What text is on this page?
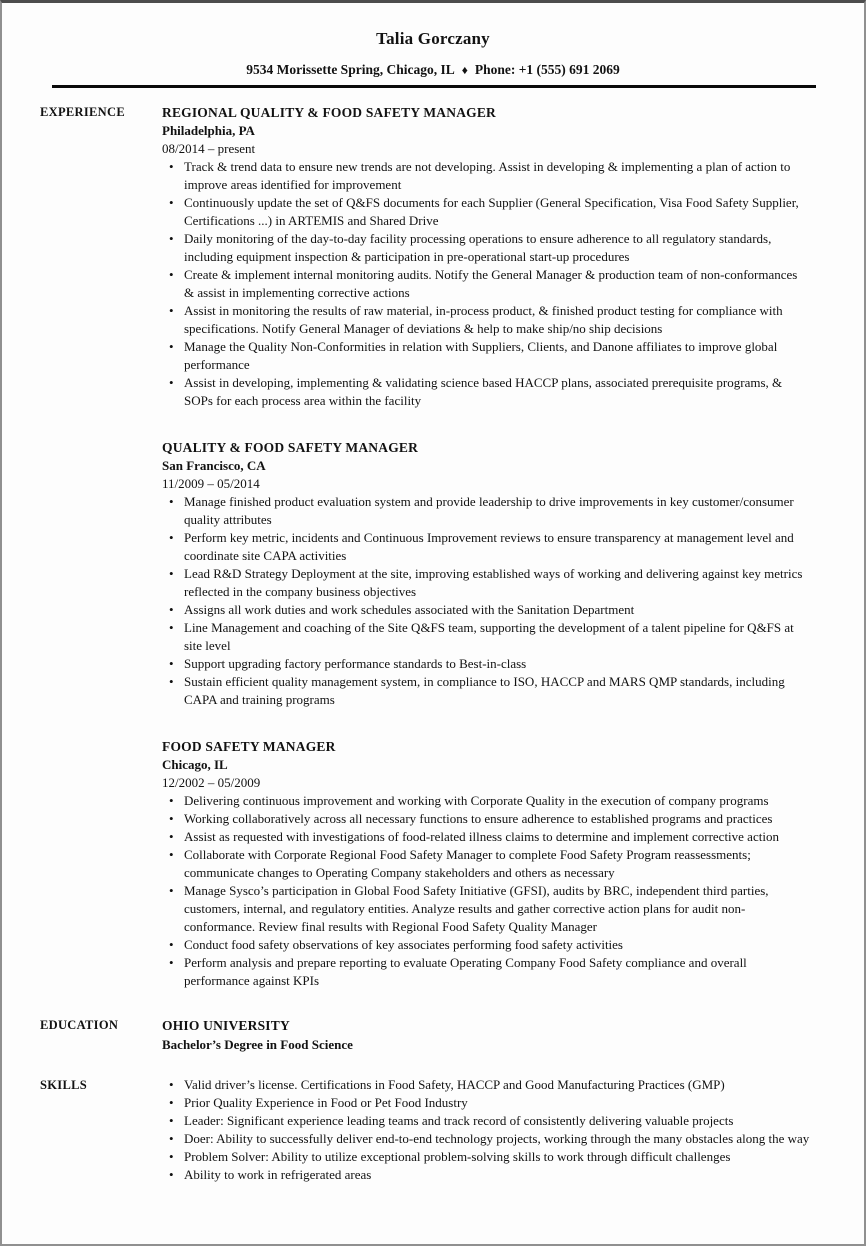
Talia Gorczany
9534 Morissette Spring, Chicago, IL ♦ Phone: +1 (555) 691 2069
EXPERIENCE	REGIONAL QUALITY & FOOD SAFETY MANAGER
Philadelphia, PA
08/2014 – present
• Track & trend data to ensure new trends are not developing. Assist in developing & implementing a plan of action to improve areas identified for improvement
• Continuously update the set of Q&FS documents for each Supplier (General Specification, Visa Food Safety Supplier, Certifications ...) in ARTEMIS and Shared Drive
• Daily monitoring of the day-to-day facility processing operations to ensure adherence to all regulatory standards, including equipment inspection & participation in pre-operational start-up procedures
• Create & implement internal monitoring audits. Notify the General Manager & production team of non-conformances & assist in implementing corrective actions
• Assist in monitoring the results of raw material, in-process product, & finished product testing for compliance with specifications. Notify General Manager of deviations & help to make ship/no ship decisions
• Manage the Quality Non-Conformities in relation with Suppliers, Clients, and Danone affiliates to improve global performance
• Assist in developing, implementing & validating science based HACCP plans, associated prerequisite programs, & SOPs for each process area within the facility
QUALITY & FOOD SAFETY MANAGER
San Francisco, CA
11/2009 – 05/2014
• Manage finished product evaluation system and provide leadership to drive improvements in key customer/consumer quality attributes
• Perform key metric, incidents and Continuous Improvement reviews to ensure transparency at management level and coordinate site CAPA activities
• Lead R&D Strategy Deployment at the site, improving established ways of working and delivering against key metrics reflected in the company business objectives
• Assigns all work duties and work schedules associated with the Sanitation Department
• Line Management and coaching of the Site Q&FS team, supporting the development of a talent pipeline for Q&FS at site level
• Support upgrading factory performance standards to Best-in-class
• Sustain efficient quality management system, in compliance to ISO, HACCP and MARS QMP standards, including CAPA and training programs
FOOD SAFETY MANAGER
Chicago, IL
12/2002 – 05/2009
• Delivering continuous improvement and working with Corporate Quality in the execution of company programs
• Working collaboratively across all necessary functions to ensure adherence to established programs and practices
• Assist as requested with investigations of food-related illness claims to determine and implement corrective action
• Collaborate with Corporate Regional Food Safety Manager to complete Food Safety Program reassessments; communicate changes to Operating Company stakeholders and others as necessary
• Manage Sysco’s participation in Global Food Safety Initiative (GFSI), audits by BRC, independent third parties, customers, internal, and regulatory entities. Analyze results and gather corrective action plans for audit non-conformance. Review final results with Regional Food Safety Quality Manager
• Conduct food safety observations of key associates performing food safety activities
• Perform analysis and prepare reporting to evaluate Operating Company Food Safety compliance and overall performance against KPIs
EDUCATION	OHIO UNIVERSITY
Bachelor’s Degree in Food Science
SKILLS	• Valid driver’s license. Certifications in Food Safety, HACCP and Good Manufacturing Practices (GMP)
• Prior Quality Experience in Food or Pet Food Industry
• Leader: Significant experience leading teams and track record of consistently delivering valuable projects
• Doer: Ability to successfully deliver end-to-end technology projects, working through the many obstacles along the way
• Problem Solver: Ability to utilize exceptional problem-solving skills to work through difficult challenges
• Ability to work in refrigerated areas
